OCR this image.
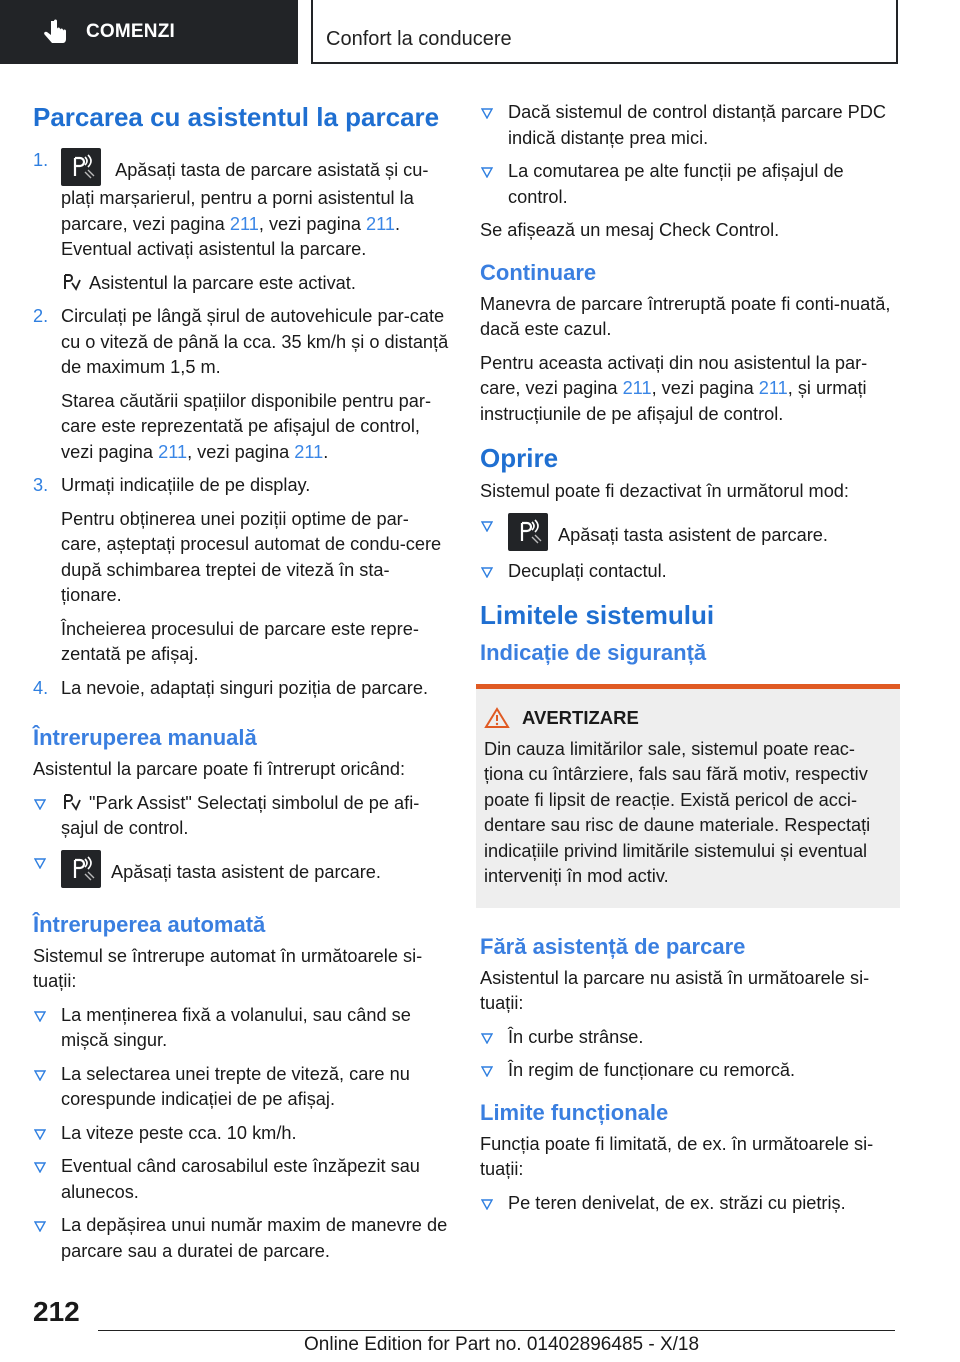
COMENZI	Confort la conducere
Parcarea cu asistentul la parcare
1.	Apăsați tasta de parcare asistată și cu-plați marșarierul, pentru a porni asistentul la parcare, vezi pagina 211, vezi pagina 211. Eventual activați asistentul la parcare.

Asistentul la parcare este activat.

2. Circulați pe lângă șirul de autovehicule par-cate cu o viteză de până la cca. 35 km/h și o distanță de maximum 1,5 m.

Starea căutării spațiilor disponibile pentru par-care este reprezentată pe afișajul de control, vezi pagina 211, vezi pagina 211.

3. Urmați indicațiile de pe display.

Pentru obținerea unei poziții optime de par-care, așteptați procesul automat de condu-cere după schimbarea treptei de viteză în sta-ționare.

Încheierea procesului de parcare este repre-zentată pe afișaj.

4. La nevoie, adaptați singuri poziția de parcare.
Întreruperea manuală

Asistentul la parcare poate fi întrerupt oricând:

"Park Assist" Selectați simbolul de pe afi-șajul de control.
Apăsați tasta asistent de parcare.
Întreruperea automată

Sistemul se întrerupe automat în următoarele si-tuații:

La menținerea fixă a volanului, sau când se mișcă singur.
La selectarea unei trepte de viteză, care nu corespunde indicației de pe afișaj.
La viteze peste cca. 10 km/h.
Eventual când carosabilul este înzăpezit sau alunecos.
La depășirea unui număr maxim de manevre de parcare sau a duratei de parcare.
Dacă sistemul de control distanță parcare PDC indică distanțe prea mici.
La comutarea pe alte funcții pe afișajul de control.

Se afișează un mesaj Check Control.

Continuare

Manevra de parcare întreruptă poate fi conti-nuată, dacă este cazul.

Pentru aceasta activați din nou asistentul la par-care, vezi pagina 211, vezi pagina 211, și urmați instrucțiunile de pe afișajul de control.

Oprire

Sistemul poate fi dezactivat în următorul mod:

Apăsați tasta asistent de parcare.
Decuplați contactul.
Limitele sistemului
Indicație de siguranță
AVERTIZARE
Din cauza limitărilor sale, sistemul poate reac-ționa cu întârziere, fals sau fără motiv, respectiv poate fi lipsit de reacție. Există pericol de acci-dentare sau risc de daune materiale. Respectați indicațiile privind limitările sistemului și eventual interveniți în mod activ.
Fără asistență de parcare

Asistentul la parcare nu asistă în următoarele si-tuații:

În curbe strânse.
În regim de funcționare cu remorcă.
Limite funcționale

Funcția poate fi limitată, de ex. în următoarele si-tuații:

Pe teren denivelat, de ex. străzi cu pietriș.
212
Online Edition for Part no. 01402896485 - X/18
